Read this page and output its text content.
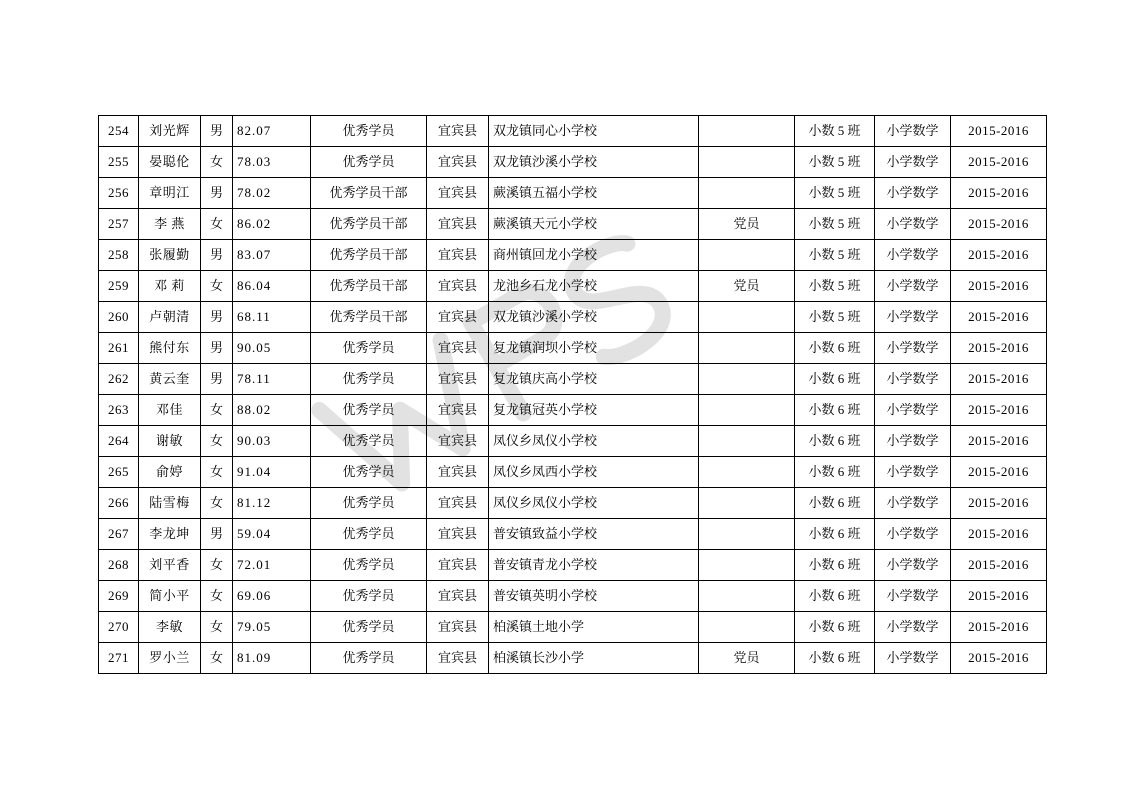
254	刘光辉	男	82.07	优秀学员	宜宾县	双龙镇同心小学校		小数 5 班	小学数学	2015-2016
255	晏聪伦	女	78.03	优秀学员	宜宾县	双龙镇沙溪小学校		小数 5 班	小学数学	2015-2016
256	章明江	男	78.02	优秀学员干部	宜宾县	蕨溪镇五福小学校		小数 5 班	小学数学	2015-2016
257	李 燕	女	86.02	优秀学员干部	宜宾县	蕨溪镇天元小学校	党员	小数 5 班	小学数学	2015-2016
258	张履勤	男	83.07	优秀学员干部	宜宾县	商州镇回龙小学校		小数 5 班	小学数学	2015-2016
259	邓 莉	女	86.04	优秀学员干部	宜宾县	龙池乡石龙小学校	党员	小数 5 班	小学数学	2015-2016
260	卢朝清	男	68.11	优秀学员干部	宜宾县	双龙镇沙溪小学校		小数 5 班	小学数学	2015-2016
261	熊付东	男	90.05	优秀学员	宜宾县	复龙镇润坝小学校		小数 6 班	小学数学	2015-2016
262	黄云奎	男	78.11	优秀学员	宜宾县	复龙镇庆高小学校		小数 6 班	小学数学	2015-2016
263	邓佳	女	88.02	优秀学员	宜宾县	复龙镇冠英小学校		小数 6 班	小学数学	2015-2016
264	谢敏	女	90.03	优秀学员	宜宾县	凤仪乡凤仪小学校		小数 6 班	小学数学	2015-2016
265	俞婷	女	91.04	优秀学员	宜宾县	凤仪乡凤西小学校		小数 6 班	小学数学	2015-2016
266	陆雪梅	女	81.12	优秀学员	宜宾县	凤仪乡凤仪小学校		小数 6 班	小学数学	2015-2016
267	李龙坤	男	59.04	优秀学员	宜宾县	普安镇致益小学校		小数 6 班	小学数学	2015-2016
268	刘平香	女	72.01	优秀学员	宜宾县	普安镇青龙小学校		小数 6 班	小学数学	2015-2016
269	简小平	女	69.06	优秀学员	宜宾县	普安镇英明小学校		小数 6 班	小学数学	2015-2016
270	李敏	女	79.05	优秀学员	宜宾县	柏溪镇土地小学		小数 6 班	小学数学	2015-2016
271	罗小兰	女	81.09	优秀学员	宜宾县	柏溪镇长沙小学	党员	小数 6 班	小学数学	2015-2016
